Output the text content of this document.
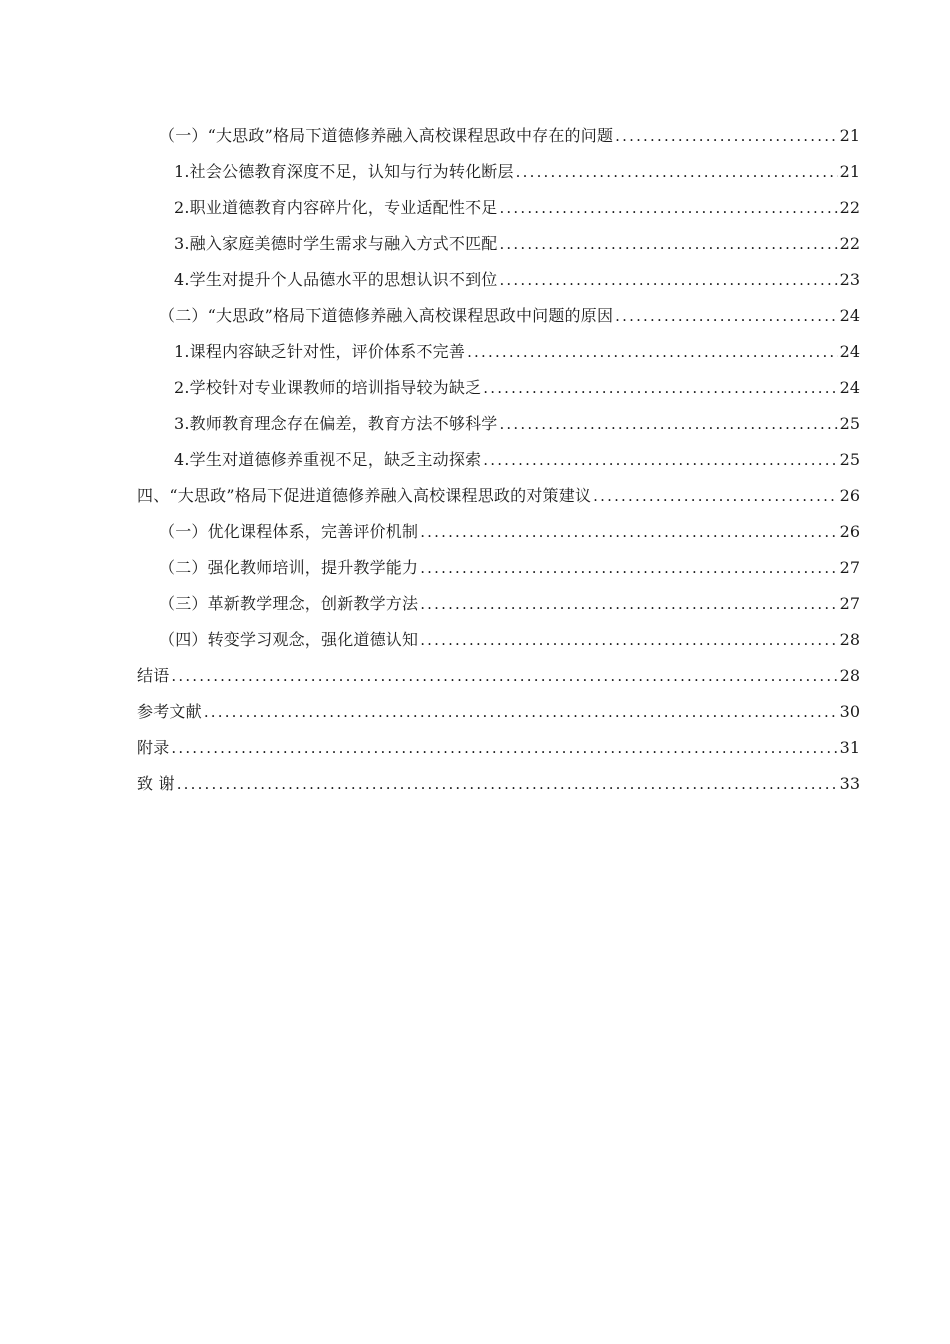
（一）“大思政”格局下道德修养融入高校课程思政中存在的问题 .....	21
1.社会公德教育深度不足，认知与行为转化断层 .....	21
2.职业道德教育内容碎片化，专业适配性不足 .....	22
3.融入家庭美德时学生需求与融入方式不匹配 .....	22
4.学生对提升个人品德水平的思想认识不到位 .....	23
（二）“大思政”格局下道德修养融入高校课程思政中问题的原因 .....	24
1.课程内容缺乏针对性，评价体系不完善 .....	24
2.学校针对专业课教师的培训指导较为缺乏 .....	24
3.教师教育理念存在偏差，教育方法不够科学 .....	25
4.学生对道德修养重视不足，缺乏主动探索 .....	25
四、“大思政”格局下促进道德修养融入高校课程思政的对策建议 .....	26
（一）优化课程体系，完善评价机制 .....	26
（二）强化教师培训，提升教学能力 .....	27
（三）革新教学理念，创新教学方法 .....	27
（四）转变学习观念，强化道德认知 .....	28
结语 .....	28
参考文献 .....	30
附录 .....	31
致 谢 .....	33
